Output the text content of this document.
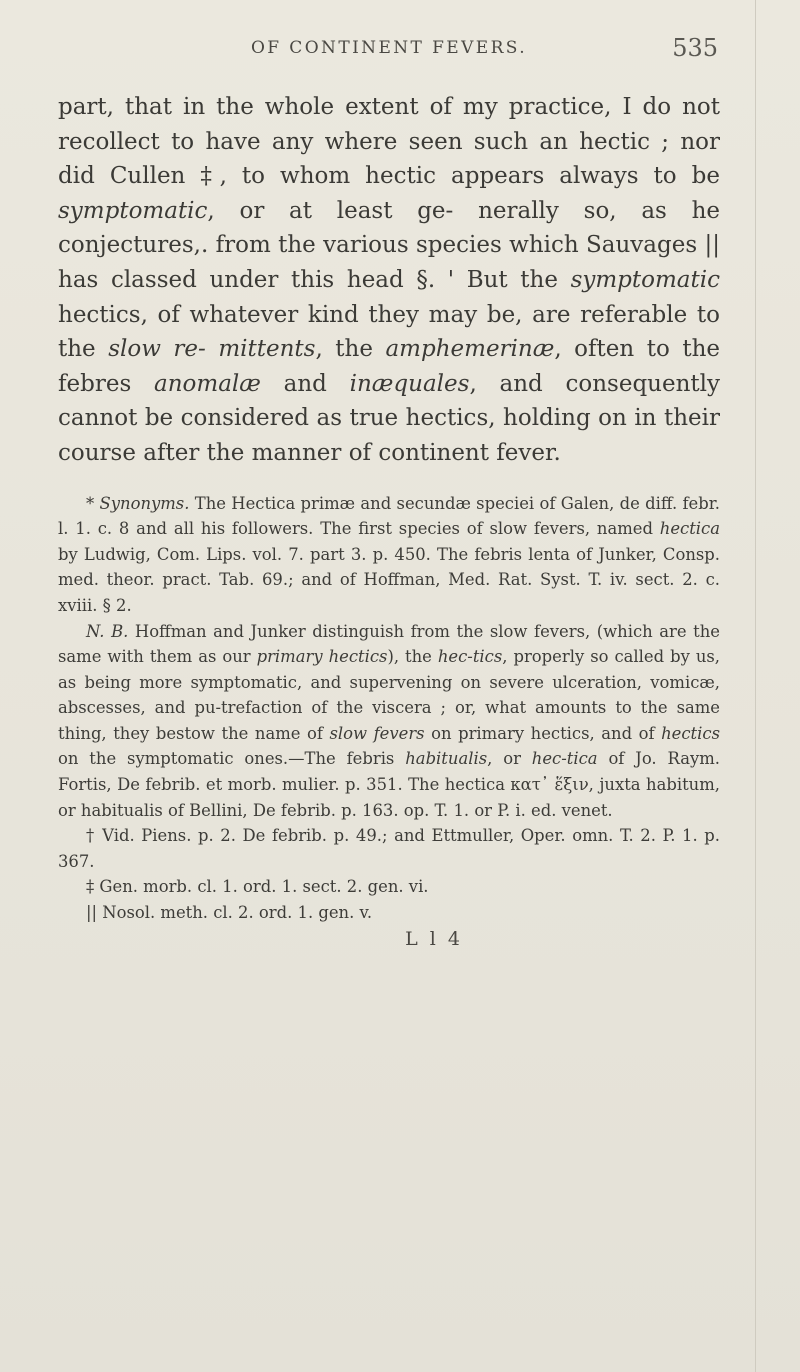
OF CONTINENT FEVERS.	535

part, that in the whole extent of my practice, I do not recollect to have any where seen such an hectic ; nor did Cullen ‡, to whom hectic appears always to be symptomatic, or at least ge- nerally so, as he conjectures,. from the various species which Sauvages || has classed under this head §. ' But the symptomatic hectics, of whatever kind they may be, are referable to the slow re- mittents, the amphemerinæ, often to the febres anomalæ and inæquales, and consequently cannot be considered as true hectics, holding on in their course after the manner of continent fever.

* Synonyms. The Hectica primæ and secundæ speciei of Galen, de diff. febr. l. 1. c. 8 and all his followers. The first species of slow fevers, named hectica by Ludwig, Com. Lips. vol. 7. part 3. p. 450. The febris lenta of Junker, Consp. med. theor. pract. Tab. 69.; and of Hoffman, Med. Rat. Syst. T. iv. sect. 2. c. xviii. § 2.

N. B. Hoffman and Junker distinguish from the slow fevers, (which are the same with them as our primary hectics), the hec-tics, properly so called by us, as being more symptomatic, and supervening on severe ulceration, vomicæ, abscesses, and pu-trefaction of the viscera ; or, what amounts to the same thing, they bestow the name of slow fevers on primary hectics, and of hectics on the symptomatic ones.—The febris habitualis, or hec-tica of Jo. Raym. Fortis, De febrib. et morb. mulier. p. 351. The hectica κατ᾽ ἕξιν, juxta habitum, or habitualis of Bellini, De febrib. p. 163. op. T. 1. or P. i. ed. venet.

† Vid. Piens. p. 2. De febrib. p. 49.; and Ettmuller, Oper. omn. T. 2. P. 1. p. 367.

‡ Gen. morb. cl. 1. ord. 1. sect. 2. gen. vi.

|| Nosol. meth. cl. 2. ord. 1. gen. v.

L l 4
